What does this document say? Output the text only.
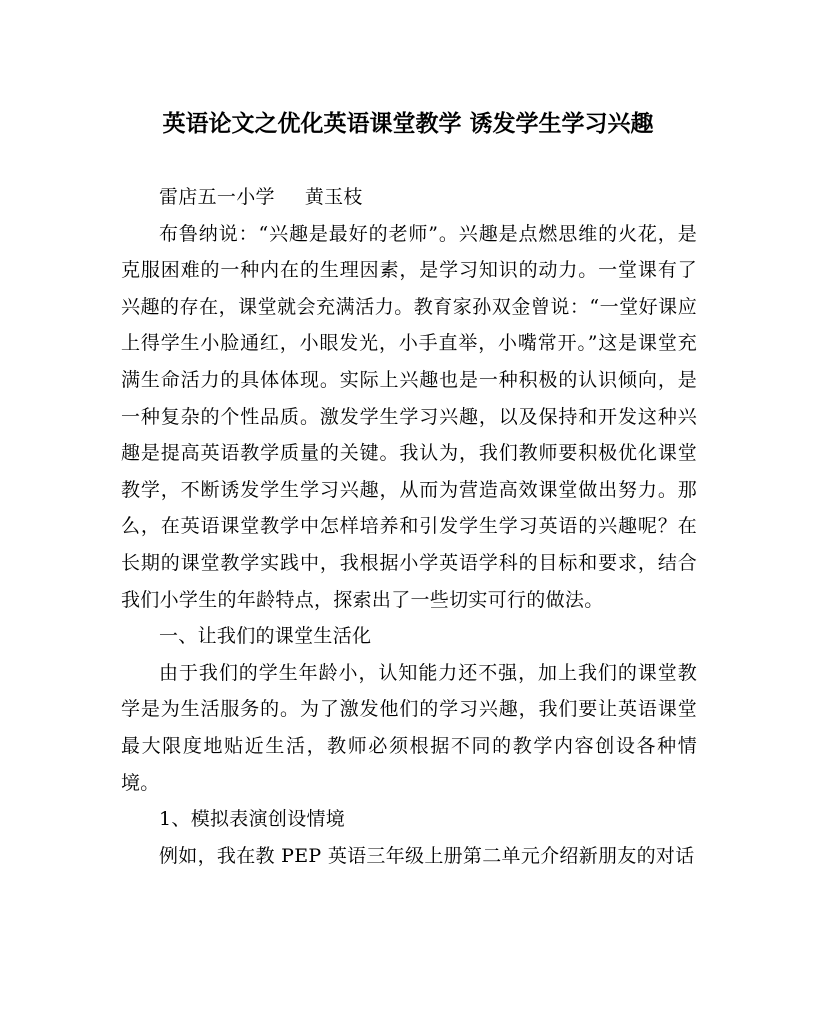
英语论文之优化英语课堂教学 诱发学生学习兴趣

雷店五一小学 黄玉枝

布鲁纳说：“兴趣是最好的老师”。兴趣是点燃思维的火花，是克服困难的一种内在的生理因素，是学习知识的动力。一堂课有了兴趣的存在，课堂就会充满活力。教育家孙双金曾说：“一堂好课应上得学生小脸通红，小眼发光，小手直举，小嘴常开。”这是课堂充满生命活力的具体体现。实际上兴趣也是一种积极的认识倾向，是一种复杂的个性品质。激发学生学习兴趣，以及保持和开发这种兴趣是提高英语教学质量的关键。我认为，我们教师要积极优化课堂教学，不断诱发学生学习兴趣，从而为营造高效课堂做出努力。那么，在英语课堂教学中怎样培养和引发学生学习英语的兴趣呢？在长期的课堂教学实践中，我根据小学英语学科的目标和要求，结合我们小学生的年龄特点，探索出了一些切实可行的做法。

一、让我们的课堂生活化

由于我们的学生年龄小，认知能力还不强，加上我们的课堂教学是为生活服务的。为了激发他们的学习兴趣，我们要让英语课堂最大限度地贴近生活，教师必须根据不同的教学内容创设各种情境。

1、模拟表演创设情境

例如，我在教 PEP 英语三年级上册第二单元介绍新朋友的对话
